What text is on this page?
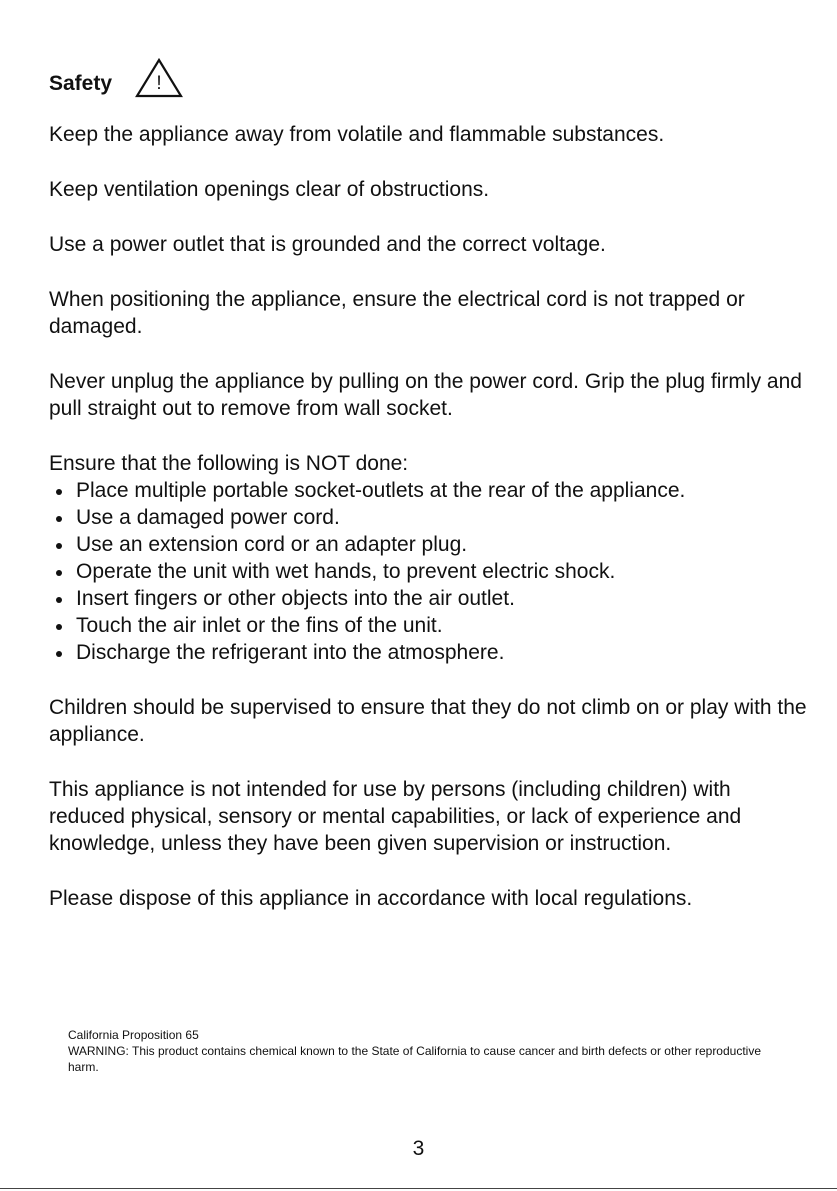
Safety !

Keep the appliance away from volatile and flammable substances.

Keep ventilation openings clear of obstructions.

Use a power outlet that is grounded and the correct voltage.

When positioning the appliance, ensure the electrical cord is not trapped or damaged.

Never unplug the appliance by pulling on the power cord. Grip the plug firmly and pull straight out to remove from wall socket.

Ensure that the following is NOT done:

Place multiple portable socket-outlets at the rear of the appliance.
Use a damaged power cord.
Use an extension cord or an adapter plug.
Operate the unit with wet hands, to prevent electric shock.
Insert fingers or other objects into the air outlet.
Touch the air inlet or the fins of the unit.
Discharge the refrigerant into the atmosphere.

Children should be supervised to ensure that they do not climb on or play with the appliance.

This appliance is not intended for use by persons (including children) with reduced physical, sensory or mental capabilities, or lack of experience and knowledge, unless they have been given supervision or instruction.

Please dispose of this appliance in accordance with local regulations.

California Proposition 65

WARNING: This product contains chemical known to the State of California to cause cancer and birth defects or other reproductive harm.

3
